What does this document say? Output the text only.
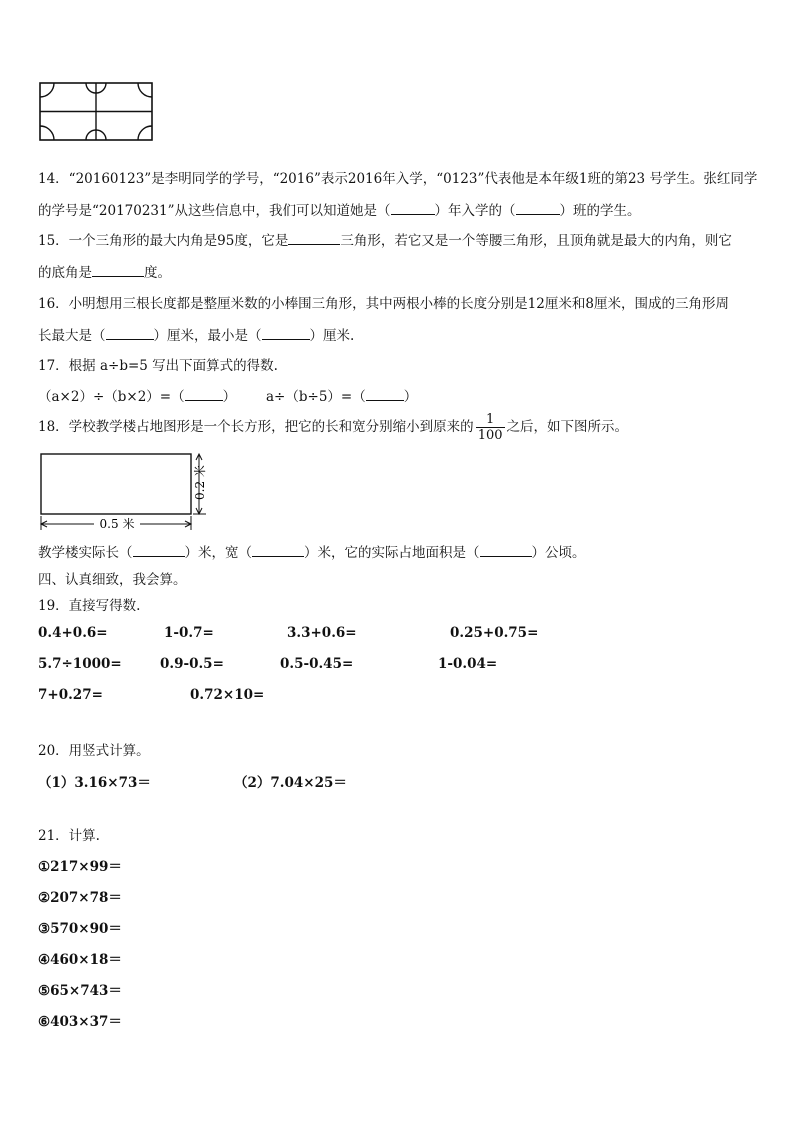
14．“20160123”是李明同学的学号，“2016”表示2016年入学，“0123”代表他是本年级1班的第23 号学生。张红同学
的学号是“20170231”从这些信息中，我们可以知道她是（	）年入学的（	）班的学生。
15．一个三角形的最大内角是95度，它是	三角形，若它又是一个等腰三角形，且顶角就是最大的内角，则它
的底角是	度。
16．小明想用三根长度都是整厘米数的小棒围三角形，其中两根小棒的长度分别是12厘米和8厘米，围成的三角形周
长最大是（	）厘米，最小是（	）厘米.
17．根据 a÷b=5 写出下面算式的得数.
（a×2）÷（b×2）=（	） a÷（b÷5）=（	）
18．学校教学楼占地图形是一个长方形，把它的长和宽分别缩小到原来的 $\frac{1}{100}$ 之后，如下图所示。
0.2 米
0.5 米
教学楼实际长（	）米，宽（	）米，它的实际占地面积是（	）公顷。
四、认真细致，我会算。
19．直接写得数.
0.4+0.6=	1-0.7=	3.3+0.6=	0.25+0.75=
5.7÷1000=	0.9-0.5=	0.5-0.45=	1-0.04=
7+0.27=	0.72×10=
20．用竖式计算。
（1）3.16×73＝	（2）7.04×25＝
21．计算.
①217×99＝
②207×78＝
③570×90＝
④460×18＝
⑤65×743＝
⑥403×37＝
